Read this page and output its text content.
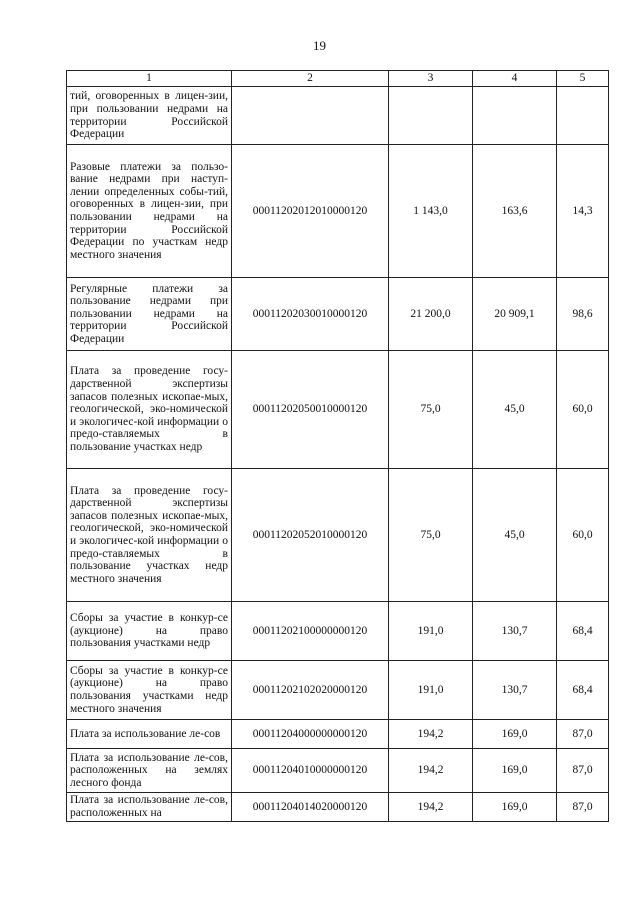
19
1	2	3	4	5
тий, оговоренных в лицен-зии, при пользовании недрами на территории Российской Федерации				
Разовые платежи за пользо-вание недрами при наступ-лении определенных собы-тий, оговоренных в лицен-зии, при пользовании недрами на территории Российской Федерации по участкам недр местного значения	00011202012010000120	1 143,0	163,6	14,3
Регулярные платежи за пользование недрами при пользовании недрами на территории Российской Федерации	00011202030010000120	21 200,0	20 909,1	98,6
Плата за проведение госу-дарственной экспертизы запасов полезных ископае-мых, геологической, эко-номической и экологичес-кой информации о предо-ставляемых в пользование участках недр	00011202050010000120	75,0	45,0	60,0
Плата за проведение госу-дарственной экспертизы запасов полезных ископае-мых, геологической, эко-номической и экологичес-кой информации о предо-ставляемых в пользование участках недр местного значения	00011202052010000120	75,0	45,0	60,0
Сборы за участие в конкур-се (аукционе) на право пользования участками недр	00011202100000000120	191,0	130,7	68,4
Сборы за участие в конкур-се (аукционе) на право пользования участками недр местного значения	00011202102020000120	191,0	130,7	68,4
Плата за использование ле-сов	00011204000000000120	194,2	169,0	87,0
Плата за использование ле-сов, расположенных на землях лесного фонда	00011204010000000120	194,2	169,0	87,0
Плата за использование ле-сов, расположенных на	00011204014020000120	194,2	169,0	87,0
